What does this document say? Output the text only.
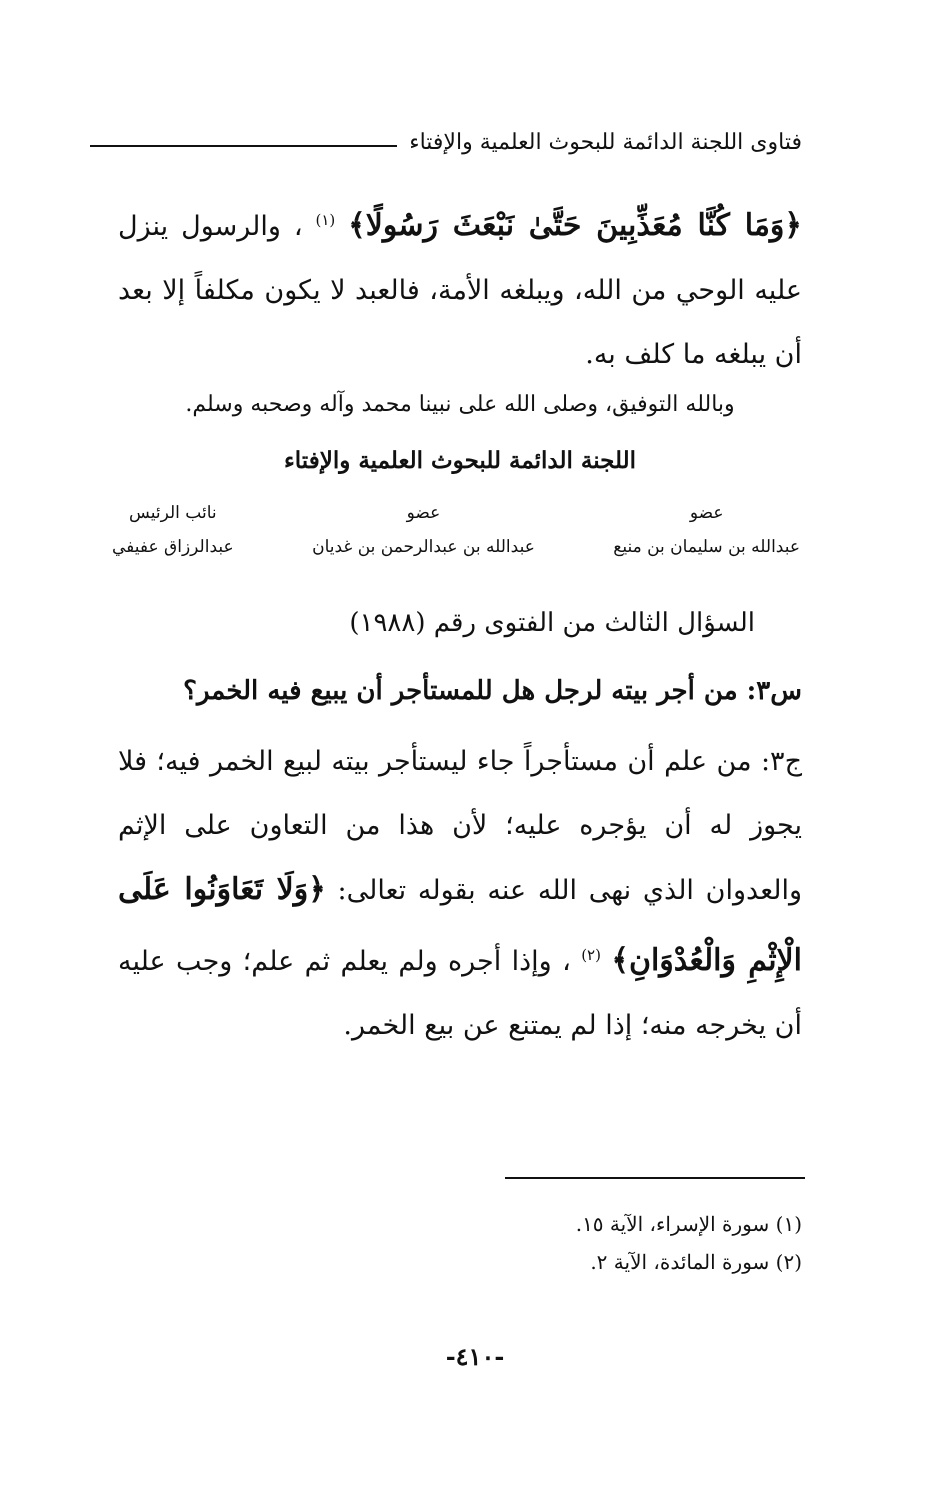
فتاوى اللجنة الدائمة للبحوث العلمية والإفتاء

﴿وَمَا كُنَّا مُعَذِّبِينَ حَتَّىٰ نَبْعَثَ رَسُولًا﴾ $^{(١)}$ ، والرسول ينزل عليه الوحي من الله، ويبلغه الأمة، فالعبد لا يكون مكلفاً إلا بعد أن يبلغه ما كلف به.

وبالله التوفيق، وصلى الله على نبينا محمد وآله وصحبه وسلم.
اللجنة الدائمة للبحوث العلمية والإفتاء
عضو
عبدالله بن سليمان بن منيع
عضو
عبدالله بن عبدالرحمن بن غديان
نائب الرئيس
عبدالرزاق عفيفي
السؤال الثالث من الفتوى رقم (١٩٨٨)
س٣: من أجر بيته لرجل هل للمستأجر أن يبيع فيه الخمر؟

ج٣: من علم أن مستأجراً جاء ليستأجر بيته لبيع الخمر فيه؛ فلا يجوز له أن يؤجره عليه؛ لأن هذا من التعاون على الإثم والعدوان الذي نهى الله عنه بقوله تعالى: ﴿وَلَا تَعَاوَنُوا عَلَى الْإِثْمِ وَالْعُدْوَانِ﴾ $^{(٢)}$ ، وإذا أجره ولم يعلم ثم علم؛ وجب عليه أن يخرجه منه؛ إذا لم يمتنع عن بيع الخمر.

(١) سورة الإسراء، الآية ١٥.
(٢) سورة المائدة، الآية ٢.
-٤١٠-
